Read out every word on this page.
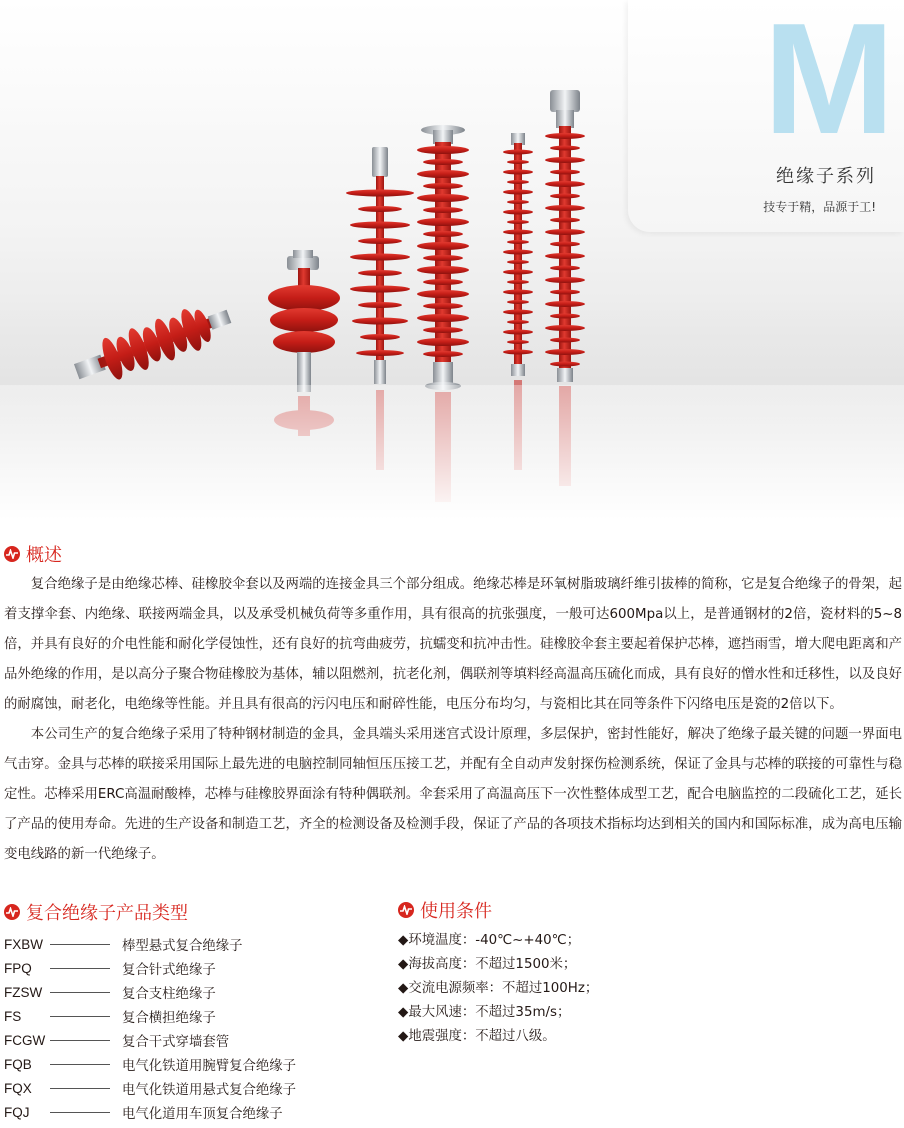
M
绝缘子系列
技专于精，品源于工!
概述

复合绝缘子是由绝缘芯棒、硅橡胶伞套以及两端的连接金具三个部分组成。绝缘芯棒是环氧树脂玻璃纤维引拔棒的简称，它是复合绝缘子的骨架，起着支撑伞套、内绝缘、联接两端金具，以及承受机械负荷等多重作用，具有很高的抗张强度，一般可达600Mpa以上，是普通钢材的2倍，瓷材料的5~8倍，并具有良好的介电性能和耐化学侵蚀性，还有良好的抗弯曲疲劳，抗蠕变和抗冲击性。硅橡胶伞套主要起着保护芯棒，遮挡雨雪，增大爬电距离和产品外绝缘的作用，是以高分子聚合物硅橡胶为基体，辅以阻燃剂，抗老化剂，偶联剂等填料经高温高压硫化而成，具有良好的憎水性和迁移性，以及良好的耐腐蚀，耐老化，电绝缘等性能。并且具有很高的污闪电压和耐碎性能，电压分布均匀，与瓷相比其在同等条件下闪络电压是瓷的2倍以下。

本公司生产的复合绝缘子采用了特种钢材制造的金具，金具端头采用迷宫式设计原理，多层保护，密封性能好，解决了绝缘子最关键的问题一界面电气击穿。金具与芯棒的联接采用国际上最先进的电脑控制同轴恒压压接工艺，并配有全自动声发射探伤检测系统，保证了金具与芯棒的联接的可靠性与稳定性。芯棒采用ERC高温耐酸棒，芯棒与硅橡胶界面涂有特种偶联剂。伞套采用了高温高压下一次性整体成型工艺，配合电脑监控的二段硫化工艺，延长了产品的使用寿命。先进的生产设备和制造工艺，齐全的检测设备及检测手段，保证了产品的各项技术指标均达到相关的国内和国际标准，成为高电压输变电线路的新一代绝缘子。

复合绝缘子产品类型
FXBW	棒型悬式复合绝缘子
FPQ	复合针式绝缘子
FZSW	复合支柱绝缘子
FS	复合横担绝缘子
FCGW	复合干式穿墙套管
FQB	电气化铁道用腕臂复合绝缘子
FQX	电气化铁道用悬式复合绝缘子
FQJ	电气化道用车顶复合绝缘子
使用条件
◆环境温度：-40℃~+40℃；
◆海拔高度：不超过1500米；
◆交流电源频率：不超过100Hz；
◆最大风速：不超过35m/s；
◆地震强度：不超过八级。
